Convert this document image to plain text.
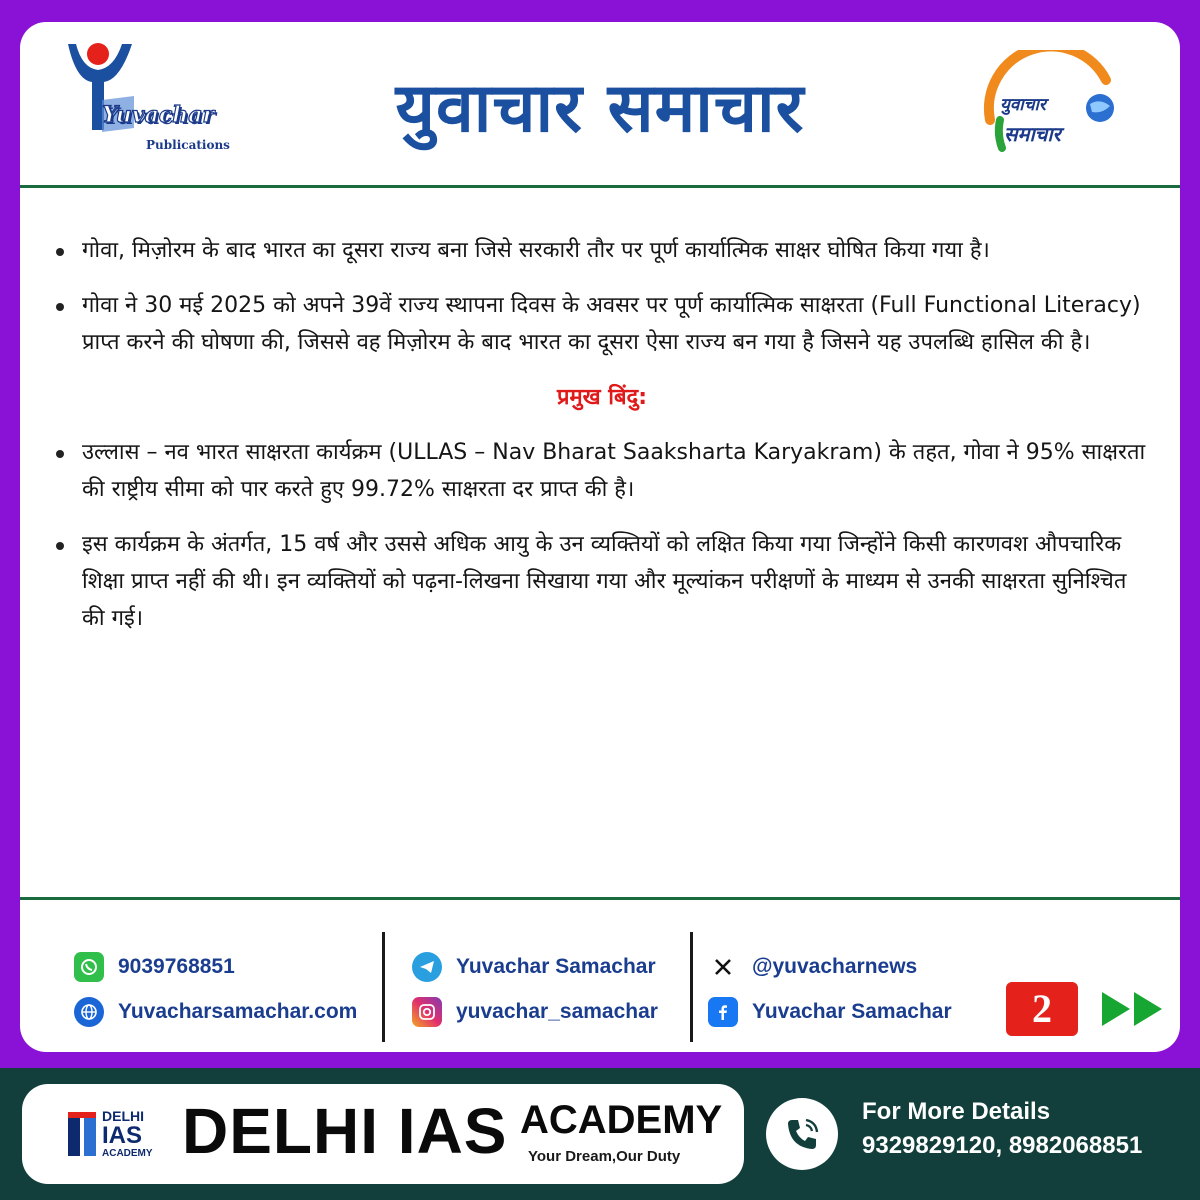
Yuvachar
Publications	युवाचार समाचार	युवाचार
समाचार
गोवा, मिज़ोरम के बाद भारत का दूसरा राज्य बना जिसे सरकारी तौर पर पूर्ण कार्यात्मिक साक्षर घोषित किया गया है।
गोवा ने 30 मई 2025 को अपने 39वें राज्य स्थापना दिवस के अवसर पर पूर्ण कार्यात्मिक साक्षरता (Full Functional Literacy) प्राप्त करने की घोषणा की, जिससे वह मिज़ोरम के बाद भारत का दूसरा ऐसा राज्य बन गया है जिसने यह उपलब्धि हासिल की है।
प्रमुख बिंदु:
उल्लास – नव भारत साक्षरता कार्यक्रम (ULLAS – Nav Bharat Saaksharta Karyakram) के तहत, गोवा ने 95% साक्षरता की राष्ट्रीय सीमा को पार करते हुए 99.72% साक्षरता दर प्राप्त की है।
इस कार्यक्रम के अंतर्गत, 15 वर्ष और उससे अधिक आयु के उन व्यक्तियों को लक्षित किया गया जिन्होंने किसी कारणवश औपचारिक शिक्षा प्राप्त नहीं की थी। इन व्यक्तियों को पढ़ना-लिखना सिखाया गया और मूल्यांकन परीक्षणों के माध्यम से उनकी साक्षरता सुनिश्चित की गई।
9039768851
Yuvacharsamachar.com
Yuvachar Samachar
yuvachar_samachar
@yuvacharnews
Yuvachar Samachar	2
DELHI
IAS
ACADEMY DELHI IAS ACADEMY
Your Dream,Our Duty
For More Details
9329829120, 8982068851
